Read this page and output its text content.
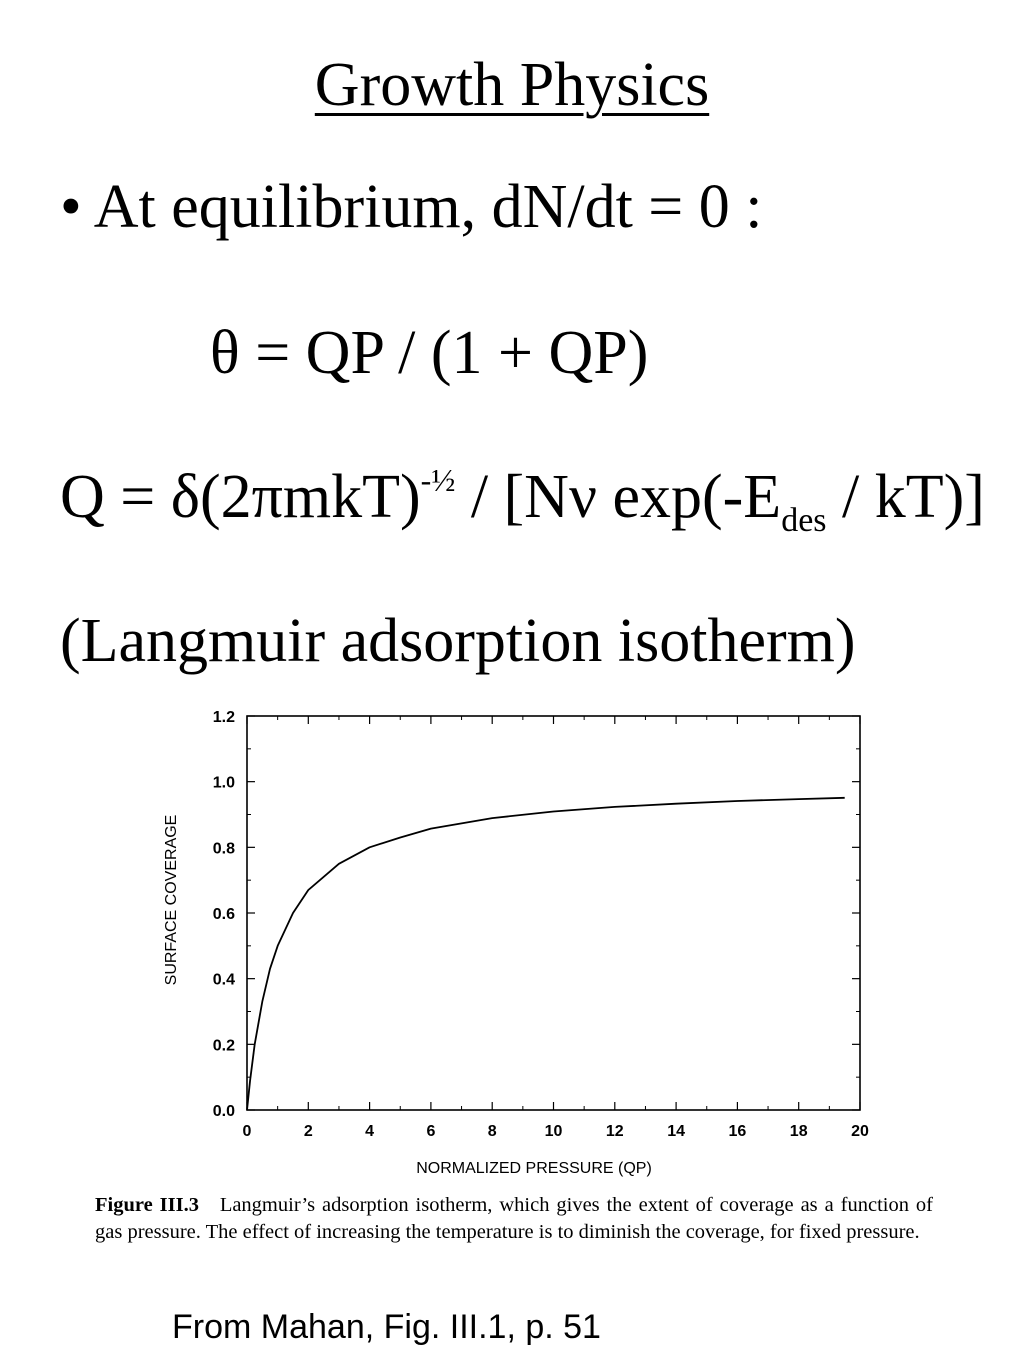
Growth Physics
• At equilibrium, dN/dt = 0 :
θ = QP / (1 + QP)
$Q = \delta(2\pi mkT)^{-\frac{1}{2}} / [N\nu$ $\exp(-E_{des} / kT)$]
(Langmuir adsorption isotherm)
0	2	4	6	8	10	12	14	16	18	20
0.0
0.2
0.4
0.6
0.8
1.0
1.2
NORMALIZED PRESSURE (QP)
SURFACE COVERAGE
Figure III.3 Langmuir’s adsorption isotherm, which gives the extent of coverage as a function of gas pressure. The effect of increasing the temperature is to diminish the coverage, for fixed pressure.
From Mahan, Fig. III.1, p. 51
